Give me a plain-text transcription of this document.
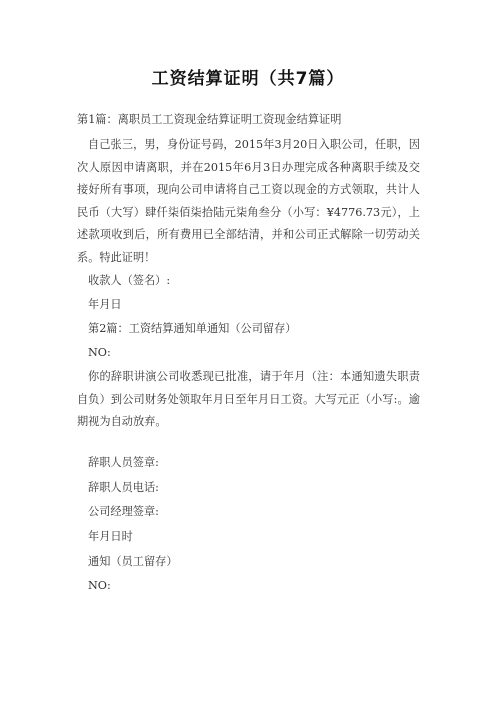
工资结算证明（共7篇）
第1篇：离职员工工资现金结算证明工资现金结算证明
自己张三，男，身份证号码，2015年3月20日入职公司，任职，因次人原因申请离职，并在2015年6月3日办理完成各种离职手续及交接好所有事项，现向公司申请将自己工资以现金的方式领取，共计人民币（大写）肆仟柒佰柒拾陆元柒角叁分（小写：¥4776.73元），上述款项收到后，所有费用已全部结清，并和公司正式解除一切劳动关系。特此证明！
收款人（签名）:
年月日
第2篇：工资结算通知单通知（公司留存）
NO:
你的辞职讲演公司收悉现已批准，请于年月（注：本通知遗失职责自负）到公司财务处领取年月日至年月日工资。大写元正（小写:。逾期视为自动放弃。
辞职人员签章:
辞职人员电话:
公司经理签章:
年月日时
通知（员工留存）
NO:
